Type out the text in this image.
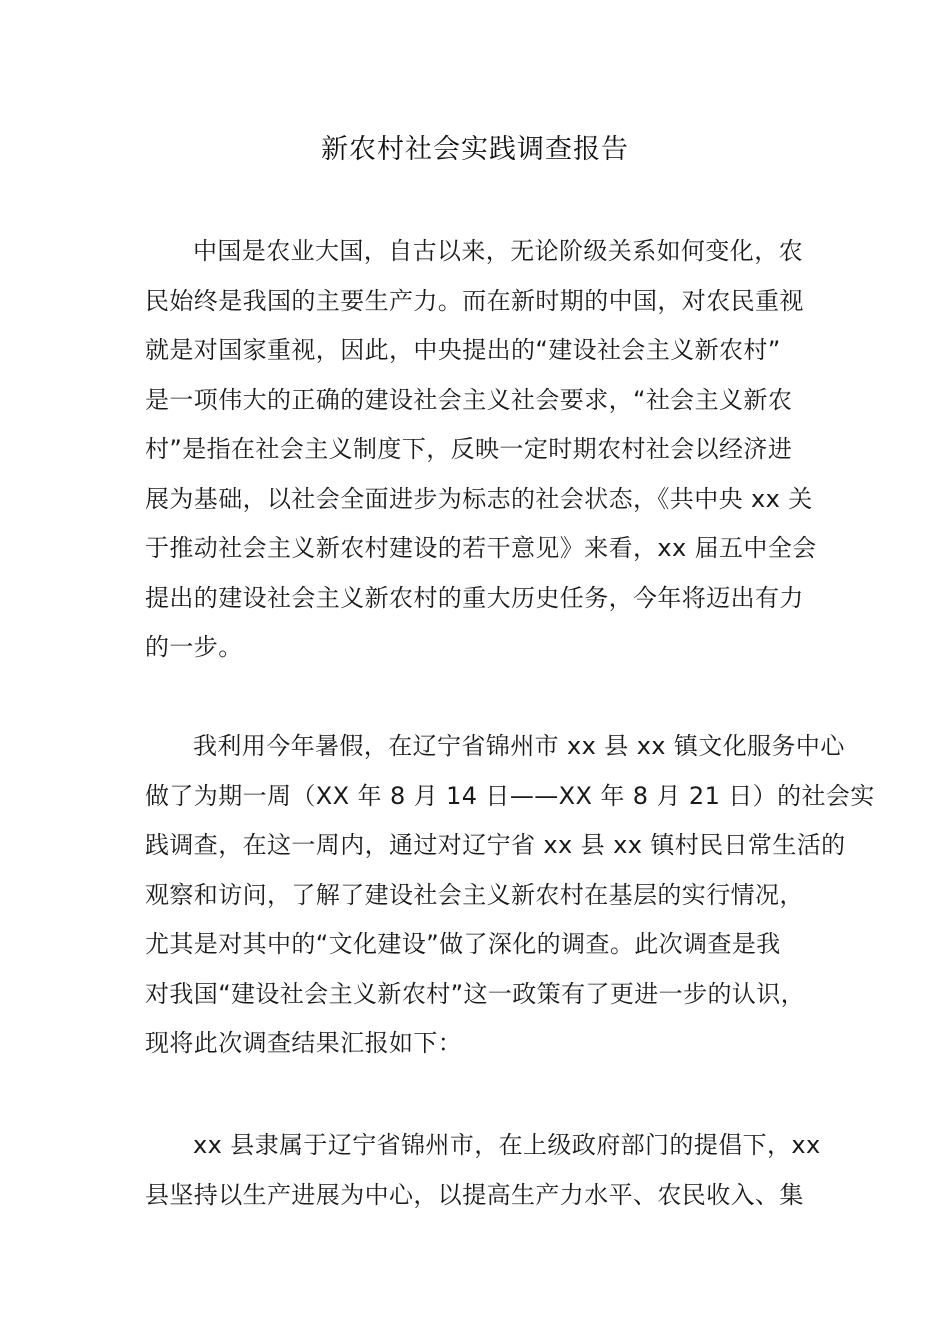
新农村社会实践调查报告
中国是农业大国，自古以来，无论阶级关系如何变化，农
民始终是我国的主要生产力。而在新时期的中国，对农民重视
就是对国家重视，因此，中央提出的“建设社会主义新农村”
是一项伟大的正确的建设社会主义社会要求，“社会主义新农
村”是指在社会主义制度下，反映一定时期农村社会以经济进
展为基础，以社会全面进步为标志的社会状态，《共中央 xx 关
于推动社会主义新农村建设的若干意见》来看，xx 届五中全会
提出的建设社会主义新农村的重大历史任务，今年将迈出有力
的一步。
我利用今年暑假，在辽宁省锦州市 xx 县 xx 镇文化服务中心
做了为期一周（XX 年 8 月 14 日——XX 年 8 月 21 日）的社会实
践调查，在这一周内，通过对辽宁省 xx 县 xx 镇村民日常生活的
观察和访问，了解了建设社会主义新农村在基层的实行情况，
尤其是对其中的“文化建设”做了深化的调查。此次调查是我
对我国“建设社会主义新农村”这一政策有了更进一步的认识，
现将此次调查结果汇报如下：
xx 县隶属于辽宁省锦州市，在上级政府部门的提倡下，xx
县坚持以生产进展为中心，以提高生产力水平、农民收入、集
